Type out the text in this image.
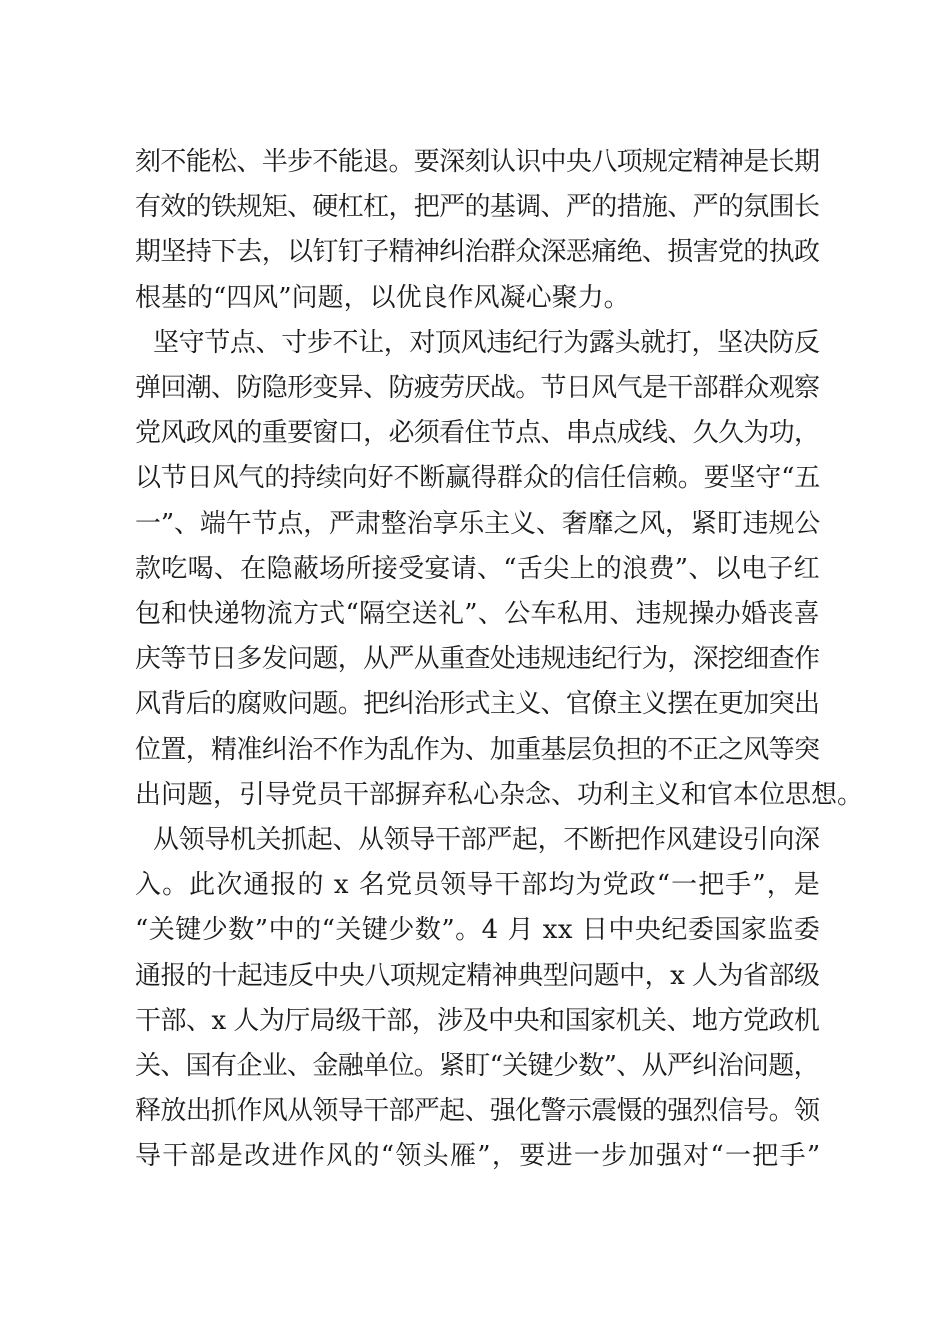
刻不能松、半步不能退。要深刻认识中央八项规定精神是长期
有效的铁规矩、硬杠杠，把严的基调、严的措施、严的氛围长
期坚持下去，以钉钉子精神纠治群众深恶痛绝、损害党的执政
根基的“四风”问题，以优良作风凝心聚力。
坚守节点、寸步不让，对顶风违纪行为露头就打，坚决防反
弹回潮、防隐形变异、防疲劳厌战。节日风气是干部群众观察
党风政风的重要窗口，必须看住节点、串点成线、久久为功，
以节日风气的持续向好不断赢得群众的信任信赖。要坚守“五
一”、端午节点，严肃整治享乐主义、奢靡之风，紧盯违规公
款吃喝、在隐蔽场所接受宴请、“舌尖上的浪费”、以电子红
包和快递物流方式“隔空送礼”、公车私用、违规操办婚丧喜
庆等节日多发问题，从严从重查处违规违纪行为，深挖细查作
风背后的腐败问题。把纠治形式主义、官僚主义摆在更加突出
位置，精准纠治不作为乱作为、加重基层负担的不正之风等突
出问题，引导党员干部摒弃私心杂念、功利主义和官本位思想。
从领导机关抓起、从领导干部严起，不断把作风建设引向深
入。此次通报的 x 名党员领导干部均为党政“一把手”，是
“关键少数”中的“关键少数”。4 月 xx 日中央纪委国家监委
通报的十起违反中央八项规定精神典型问题中，x 人为省部级
干部、x 人为厅局级干部，涉及中央和国家机关、地方党政机
关、国有企业、金融单位。紧盯“关键少数”、从严纠治问题，
释放出抓作风从领导干部严起、强化警示震慑的强烈信号。领
导干部是改进作风的“领头雁”，要进一步加强对“一把手”
